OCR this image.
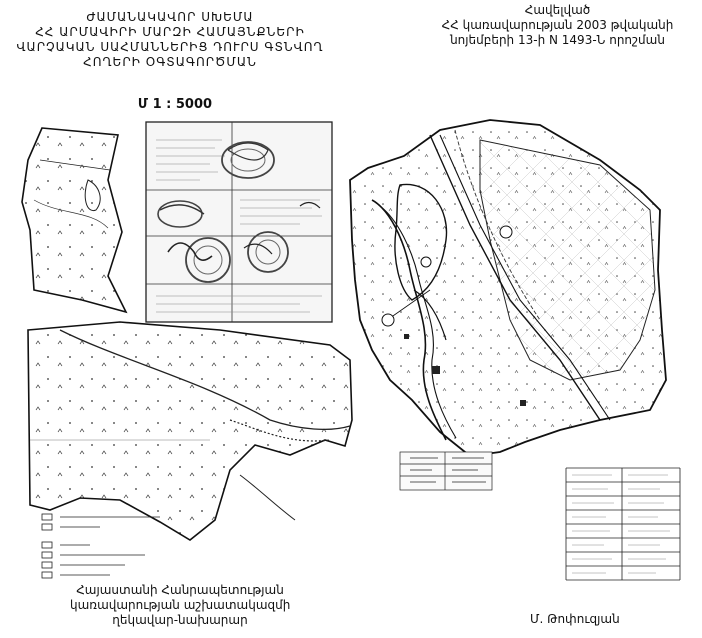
ԺԱՄԱՆԱԿԱՎՈՐ ՍԽԵՄԱ
ՀՀ ԱՐՄԱՎԻՐԻ ՄԱՐԶԻ ՀԱՄԱՅՆՔՆԵՐԻ
ՎԱՐՉԱԿԱՆ ՍԱՀՄԱՆՆԵՐԻՑ ԴՈՒՐՍ ԳՏՆՎՈՂ
ՀՈՂԵՐԻ ՕԳՏԱԳՈՐԾՄԱՆ
Մ 1 : 5000
Հավելված
ՀՀ կառավարության 2003 թվականի
նոյեմբերի 13-ի N 1493-Ն որոշման
Հայաստանի Հանրապետության
կառավարության աշխատակազմի
ղեկավար-նախարար	Մ. Թոփուզյան
